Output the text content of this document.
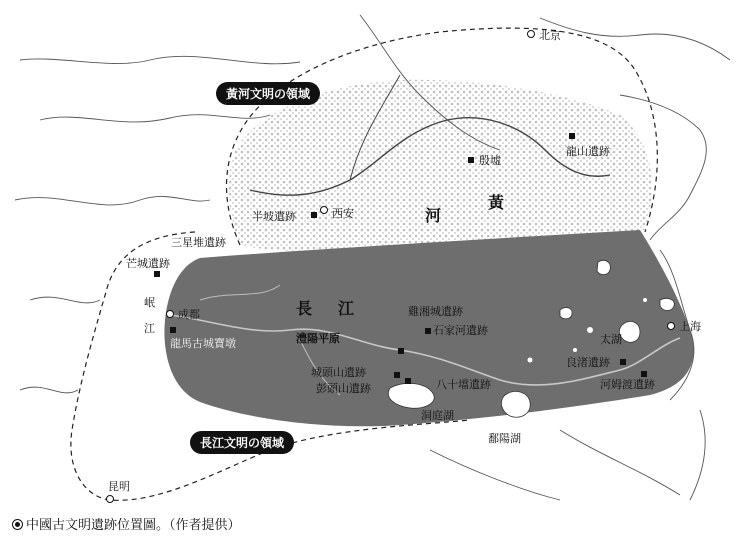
黃河文明の領域
長江文明の領域
河
黃
長 江
澧陽平原
北京
西安
成都
上海
昆明
半坡遺跡
殷墟
龍山遺跡
三星堆遺跡
芒城遺跡
岷
江
龍馬古城寶墩
雞湘城遺跡
石家河遺跡
城頭山遺跡
彭頭山遺跡	八十壋遺跡
良渚遺跡
河姆渡遺跡
太湖
洞庭湖
鄱陽湖
中國古文明遺跡位置圖。（作者提供）
